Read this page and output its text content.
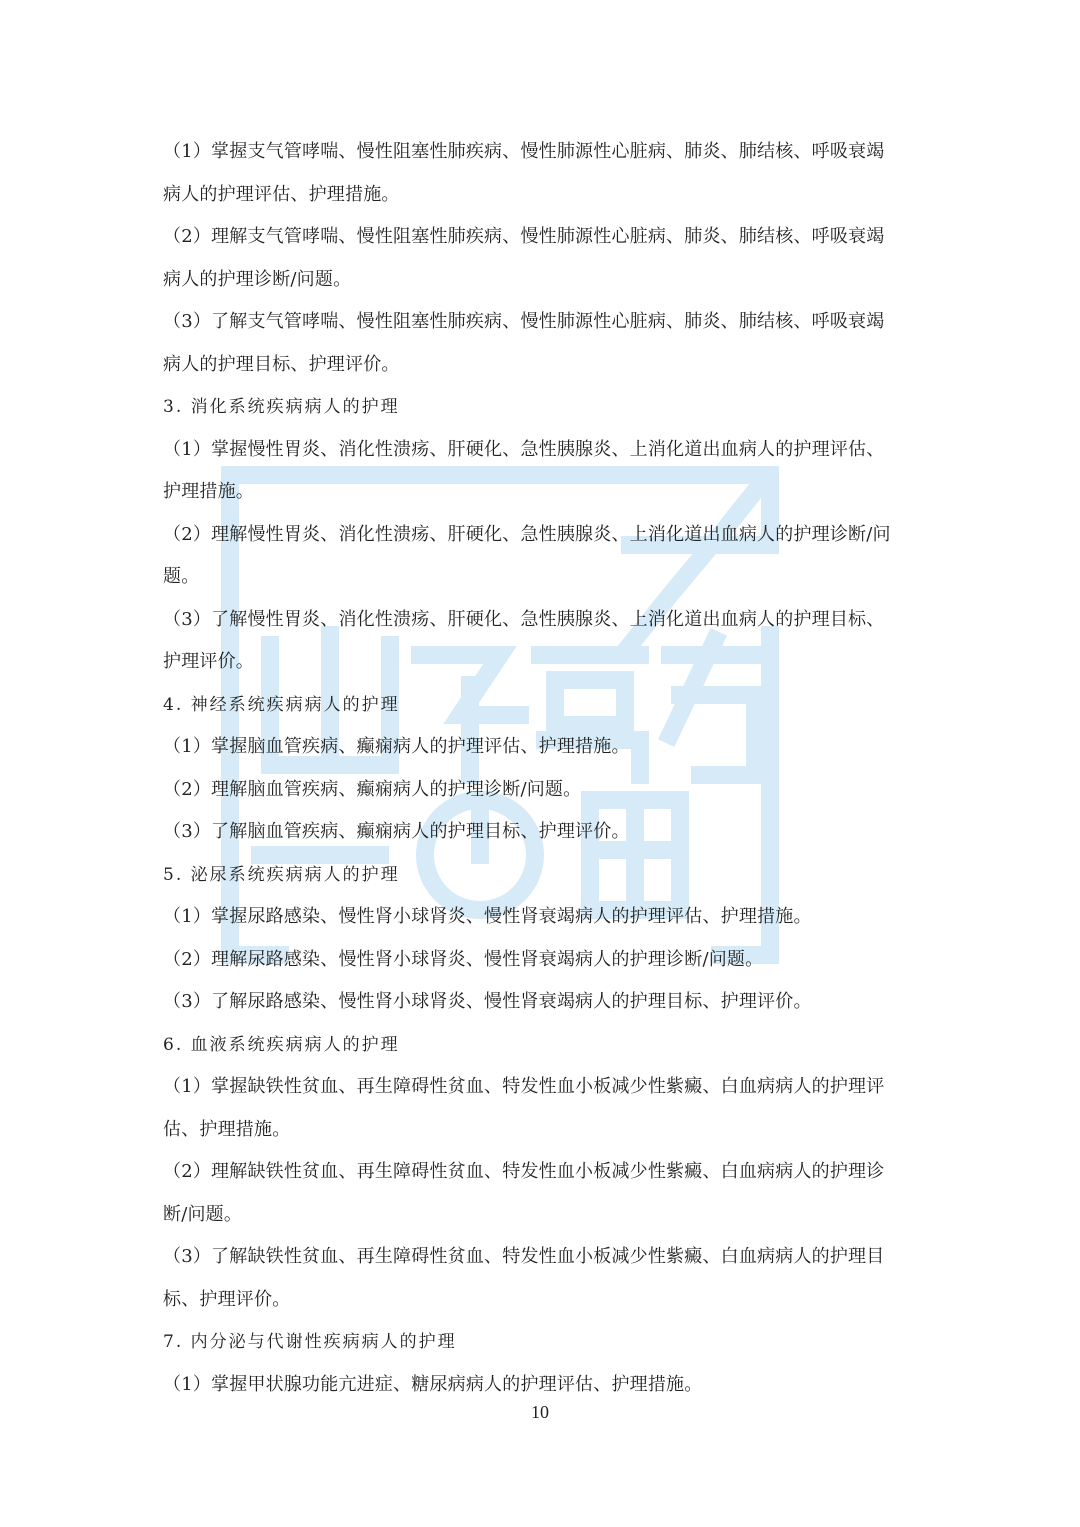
（1）掌握支气管哮喘、慢性阻塞性肺疾病、慢性肺源性心脏病、肺炎、肺结核、呼吸衰竭
病人的护理评估、护理措施。
（2）理解支气管哮喘、慢性阻塞性肺疾病、慢性肺源性心脏病、肺炎、肺结核、呼吸衰竭
病人的护理诊断/问题。
（3）了解支气管哮喘、慢性阻塞性肺疾病、慢性肺源性心脏病、肺炎、肺结核、呼吸衰竭
病人的护理目标、护理评价。
3. 消化系统疾病病人的护理
（1）掌握慢性胃炎、消化性溃疡、肝硬化、急性胰腺炎、上消化道出血病人的护理评估、
护理措施。
（2）理解慢性胃炎、消化性溃疡、肝硬化、急性胰腺炎、上消化道出血病人的护理诊断/问
题。
（3）了解慢性胃炎、消化性溃疡、肝硬化、急性胰腺炎、上消化道出血病人的护理目标、
护理评价。
4. 神经系统疾病病人的护理
（1）掌握脑血管疾病、癫痫病人的护理评估、护理措施。
（2）理解脑血管疾病、癫痫病人的护理诊断/问题。
（3）了解脑血管疾病、癫痫病人的护理目标、护理评价。
5. 泌尿系统疾病病人的护理
（1）掌握尿路感染、慢性肾小球肾炎、慢性肾衰竭病人的护理评估、护理措施。
（2）理解尿路感染、慢性肾小球肾炎、慢性肾衰竭病人的护理诊断/问题。
（3）了解尿路感染、慢性肾小球肾炎、慢性肾衰竭病人的护理目标、护理评价。
6. 血液系统疾病病人的护理
（1）掌握缺铁性贫血、再生障碍性贫血、特发性血小板减少性紫癜、白血病病人的护理评
估、护理措施。
（2）理解缺铁性贫血、再生障碍性贫血、特发性血小板减少性紫癜、白血病病人的护理诊
断/问题。
（3）了解缺铁性贫血、再生障碍性贫血、特发性血小板减少性紫癜、白血病病人的护理目
标、护理评价。
7. 内分泌与代谢性疾病病人的护理
（1）掌握甲状腺功能亢进症、糖尿病病人的护理评估、护理措施。
10
